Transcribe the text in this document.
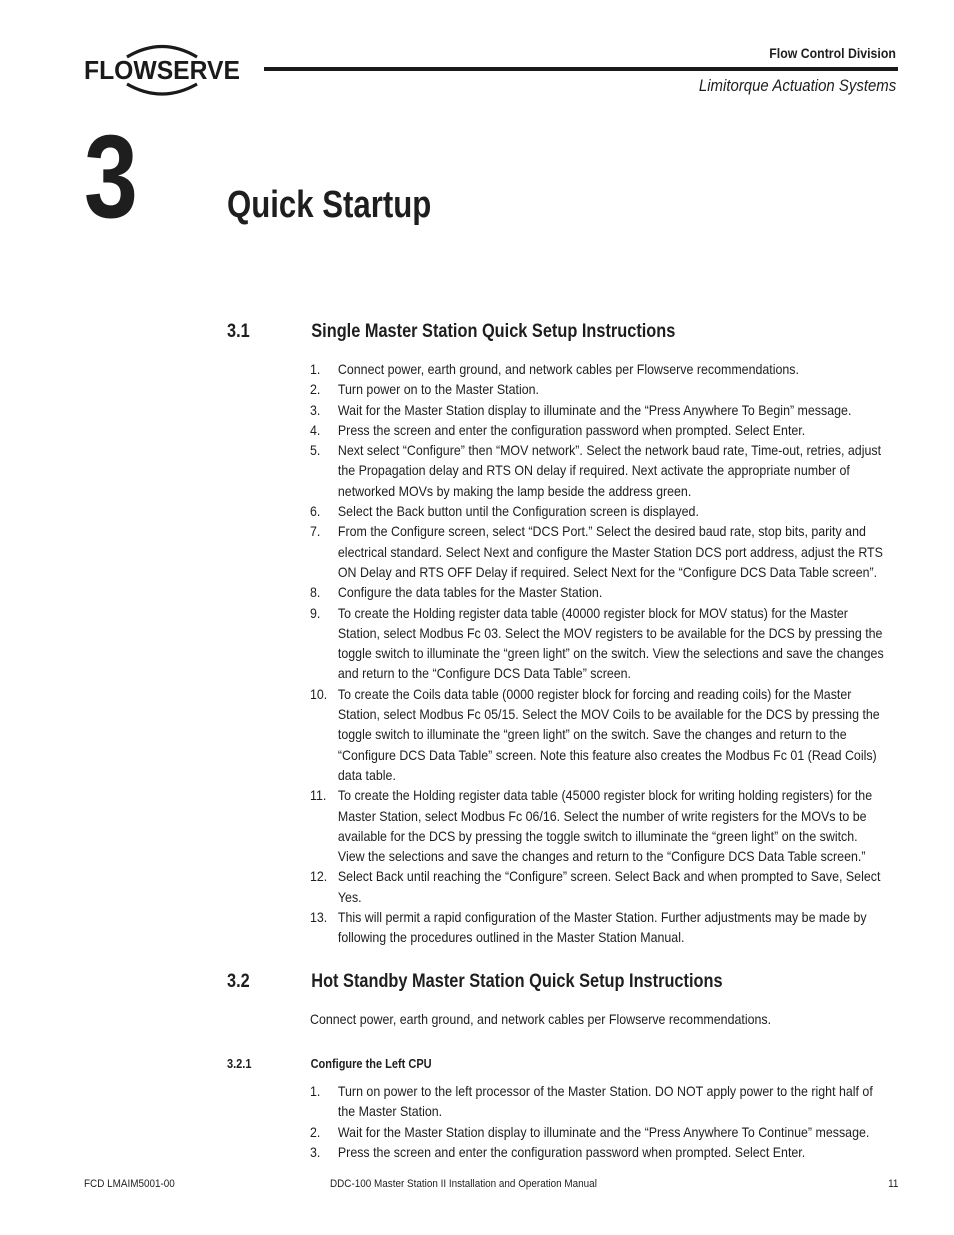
FLOWSERVE
Flow Control Division
Limitorque Actuation Systems
3 Quick Startup
3.1	Single Master Station Quick Setup Instructions
1. Connect power, earth ground, and network cables per Flowserve recommendations.
2. Turn power on to the Master Station.
3. Wait for the Master Station display to illuminate and the “Press Anywhere To Begin” message.
4. Press the screen and enter the configuration password when prompted. Select Enter.
5. Next select “Configure” then “MOV network”. Select the network baud rate, Time-out, retries, adjust the Propagation delay and RTS ON delay if required. Next activate the appropriate number of networked MOVs by making the lamp beside the address green.
6. Select the Back button until the Configuration screen is displayed.
7. From the Configure screen, select “DCS Port.” Select the desired baud rate, stop bits, parity and electrical standard. Select Next and configure the Master Station DCS port address, adjust the RTS ON Delay and RTS OFF Delay if required. Select Next for the “Configure DCS Data Table screen”.
8. Configure the data tables for the Master Station.
9. To create the Holding register data table (40000 register block for MOV status) for the Master Station, select Modbus Fc 03. Select the MOV registers to be available for the DCS by pressing the toggle switch to illuminate the “green light” on the switch. View the selections and save the changes and return to the “Configure DCS Data Table” screen.
10. To create the Coils data table (0000 register block for forcing and reading coils) for the Master Station, select Modbus Fc 05/15. Select the MOV Coils to be available for the DCS by pressing the toggle switch to illuminate the “green light” on the switch. Save the changes and return to the “Configure DCS Data Table” screen. Note this feature also creates the Modbus Fc 01 (Read Coils) data table.
11. To create the Holding register data table (45000 register block for writing holding registers) for the Master Station, select Modbus Fc 06/16. Select the number of write registers for the MOVs to be available for the DCS by pressing the toggle switch to illuminate the “green light” on the switch. View the selections and save the changes and return to the “Configure DCS Data Table screen.”
12. Select Back until reaching the “Configure” screen. Select Back and when prompted to Save, Select Yes.
13. This will permit a rapid configuration of the Master Station. Further adjustments may be made by following the procedures outlined in the Master Station Manual.
3.2	Hot Standby Master Station Quick Setup Instructions
Connect power, earth ground, and network cables per Flowserve recommendations.
3.2.1	Configure the Left CPU
1. Turn on power to the left processor of the Master Station. DO NOT apply power to the right half of the Master Station.
2. Wait for the Master Station display to illuminate and the “Press Anywhere To Continue” message.
3. Press the screen and enter the configuration password when prompted. Select Enter.
FCD LMAIM5001-00	DDC-100 Master Station II Installation and Operation Manual	11
